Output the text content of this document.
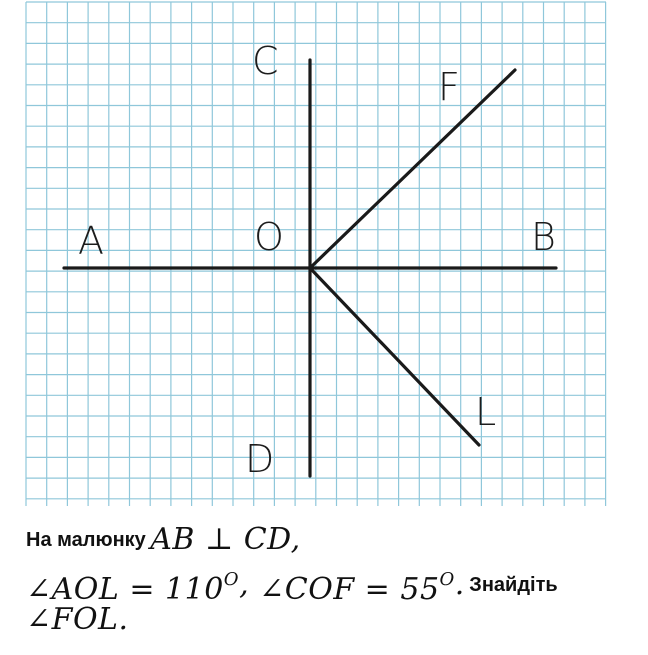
A	B
C
D
O
F
L
На малюнку AB ⊥ CD,
∠AOL = $110^O$, ∠COF = $55^O$. Знайдіть
∠FOL.
